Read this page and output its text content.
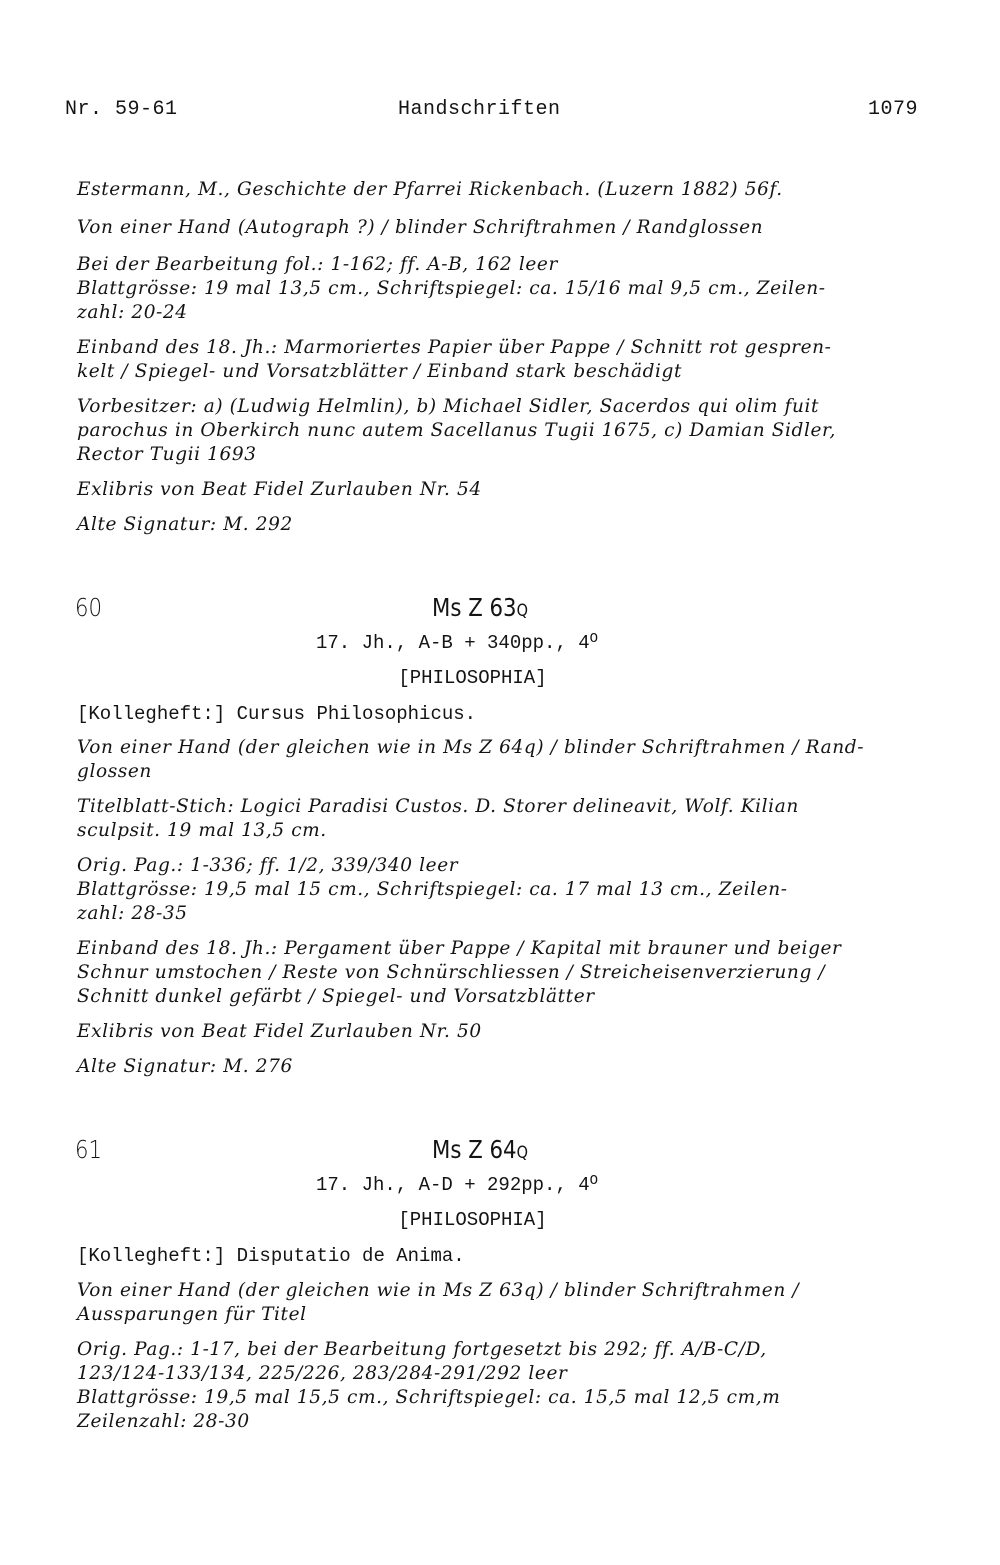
Nr. 59-61	Handschriften	1079
Estermann, M., Geschichte der Pfarrei Rickenbach. (Luzern 1882) 56f.
Von einer Hand (Autograph ?) / blinder Schriftrahmen / Randglossen
Bei der Bearbeitung fol.: 1-162; ff. A-B, 162 leer
Blattgrösse: 19 mal 13,5 cm., Schriftspiegel: ca. 15/16 mal 9,5 cm., Zeilen-
zahl: 20-24
Einband des 18. Jh.: Marmoriertes Papier über Pappe / Schnitt rot gespren-
kelt / Spiegel- und Vorsatzblätter / Einband stark beschädigt
Vorbesitzer: a) (Ludwig Helmlin), b) Michael Sidler, Sacerdos qui olim fuit
parochus in Oberkirch nunc autem Sacellanus Tugii 1675, c) Damian Sidler,
Rector Tugii 1693
Exlibris von Beat Fidel Zurlauben Nr. 54
Alte Signatur: M. 292
60	Ms Z 63Q
17. Jh., A-B + 340pp., $4^O$
[PHILOSOPHIA]
[Kollegheft:] Cursus Philosophicus.
Von einer Hand (der gleichen wie in Ms Z 64q) / blinder Schriftrahmen / Rand-
glossen
Titelblatt-Stich: Logici Paradisi Custos. D. Storer delineavit, Wolf. Kilian
sculpsit. 19 mal 13,5 cm.
Orig. Pag.: 1-336; ff. 1/2, 339/340 leer
Blattgrösse: 19,5 mal 15 cm., Schriftspiegel: ca. 17 mal 13 cm., Zeilen-
zahl: 28-35
Einband des 18. Jh.: Pergament über Pappe / Kapital mit brauner und beiger
Schnur umstochen / Reste von Schnürschliessen / Streicheisenverzierung /
Schnitt dunkel gefärbt / Spiegel- und Vorsatzblätter
Exlibris von Beat Fidel Zurlauben Nr. 50
Alte Signatur: M. 276
61	Ms Z 64Q
17. Jh., A-D + 292pp., $4^O$
[PHILOSOPHIA]
[Kollegheft:] Disputatio de Anima.
Von einer Hand (der gleichen wie in Ms Z 63q) / blinder Schriftrahmen /
Aussparungen für Titel
Orig. Pag.: 1-17, bei der Bearbeitung fortgesetzt bis 292; ff. A/B-C/D,
123/124-133/134, 225/226, 283/284-291/292 leer
Blattgrösse: 19,5 mal 15,5 cm., Schriftspiegel: ca. 15,5 mal 12,5 cm,m
Zeilenzahl: 28-30
